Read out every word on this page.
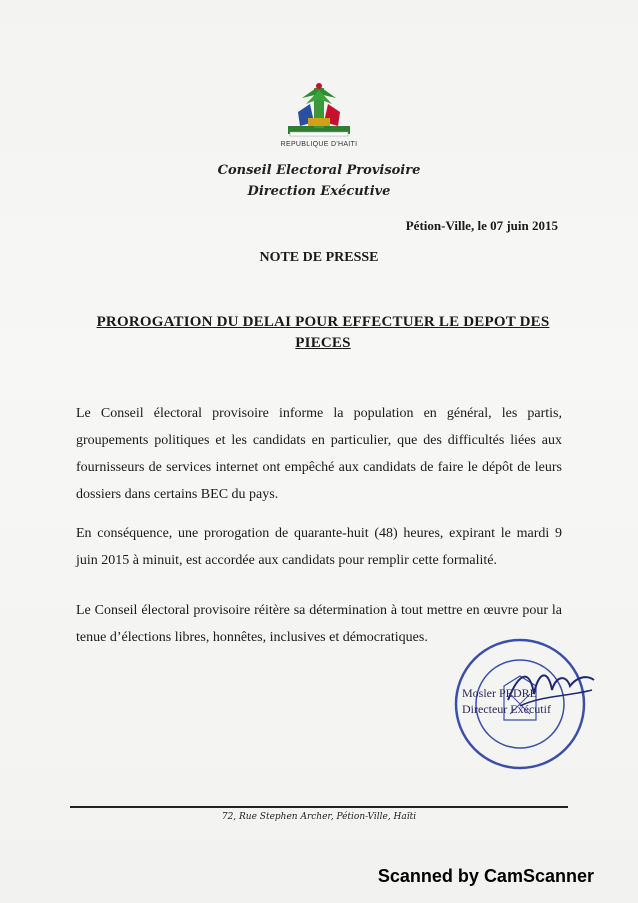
REPUBLIQUE D'HAITI
Conseil Electoral Provisoire
Direction Exécutive
Pétion-Ville, le 07 juin 2015
NOTE DE PRESSE
PROROGATION DU DELAI POUR EFFECTUER LE DEPOT DES PIECES
Le Conseil électoral provisoire informe la population en général, les partis, groupements politiques et les candidats en particulier, que des difficultés liées aux fournisseurs de services internet ont empêché aux candidats de faire le dépôt de leurs dossiers dans certains BEC du pays.
En conséquence, une prorogation de quarante-huit (48) heures, expirant le mardi 9 juin 2015 à minuit, est accordée aux candidats pour remplir cette formalité.
Le Conseil électoral provisoire réitère sa détermination à tout mettre en œuvre pour la tenue d’élections libres, honnêtes, inclusives et démocratiques.
Mosler PEDRE
Directeur Exécutif
72, Rue Stephen Archer, Pétion-Ville, Haïti
Scanned by CamScanner
